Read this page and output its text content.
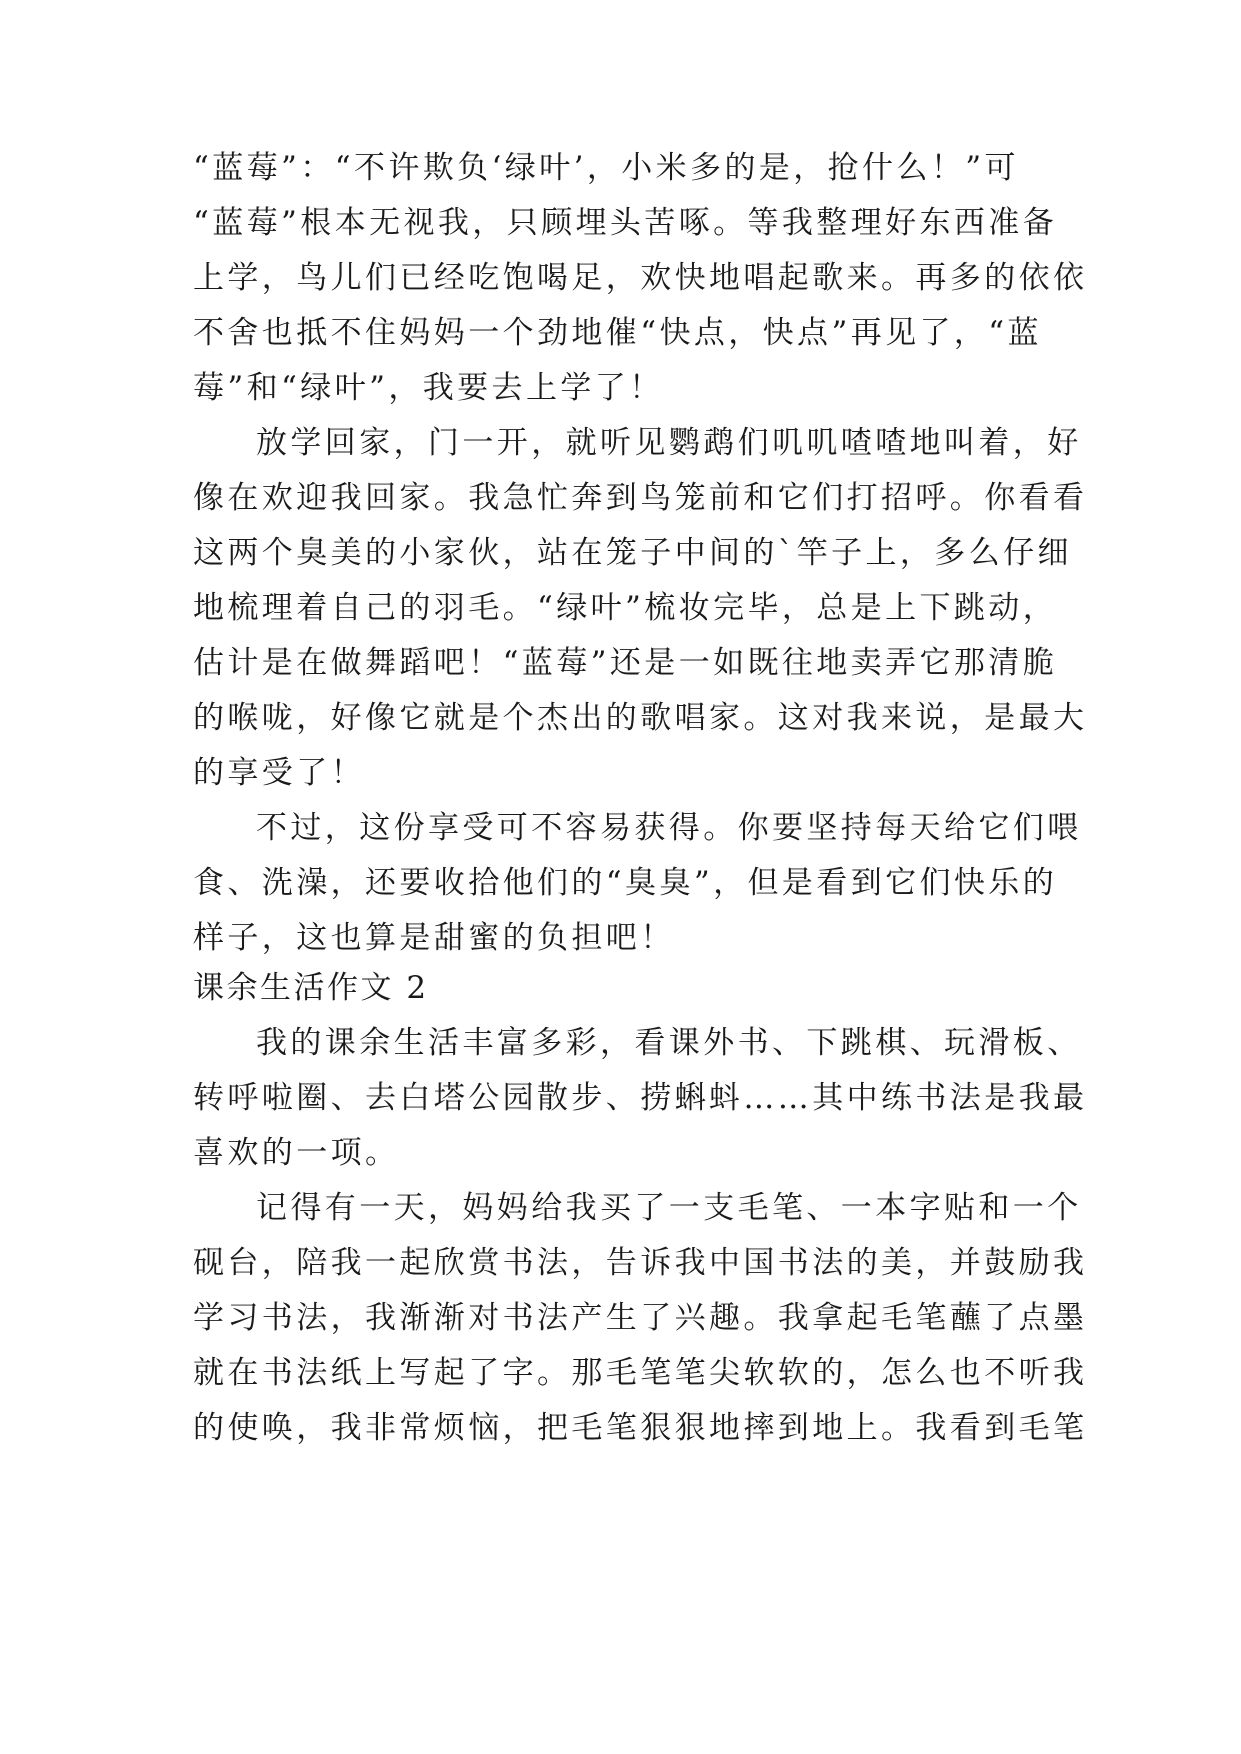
“蓝莓”：“不许欺负‘绿叶’，小米多的是，抢什么！”可

“蓝莓”根本无视我，只顾埋头苦啄。等我整理好东西准备

上学，鸟儿们已经吃饱喝足，欢快地唱起歌来。再多的依依

不舍也抵不住妈妈一个劲地催“快点，快点”再见了，“蓝

莓”和“绿叶”，我要去上学了！

放学回家，门一开，就听见鹦鹉们叽叽喳喳地叫着，好

像在欢迎我回家。我急忙奔到鸟笼前和它们打招呼。你看看

这两个臭美的小家伙，站在笼子中间的`竿子上，多么仔细

地梳理着自己的羽毛。“绿叶”梳妆完毕，总是上下跳动，

估计是在做舞蹈吧！“蓝莓”还是一如既往地卖弄它那清脆

的喉咙，好像它就是个杰出的歌唱家。这对我来说，是最大

的享受了！

不过，这份享受可不容易获得。你要坚持每天给它们喂

食、洗澡，还要收拾他们的“臭臭”，但是看到它们快乐的

样子，这也算是甜蜜的负担吧！

课余生活作文 2

我的课余生活丰富多彩，看课外书、下跳棋、玩滑板、

转呼啦圈、去白塔公园散步、捞蝌蚪……其中练书法是我最

喜欢的一项。

记得有一天，妈妈给我买了一支毛笔、一本字贴和一个

砚台，陪我一起欣赏书法，告诉我中国书法的美，并鼓励我

学习书法，我渐渐对书法产生了兴趣。我拿起毛笔蘸了点墨

就在书法纸上写起了字。那毛笔笔尖软软的，怎么也不听我

的使唤，我非常烦恼，把毛笔狠狠地摔到地上。我看到毛笔
